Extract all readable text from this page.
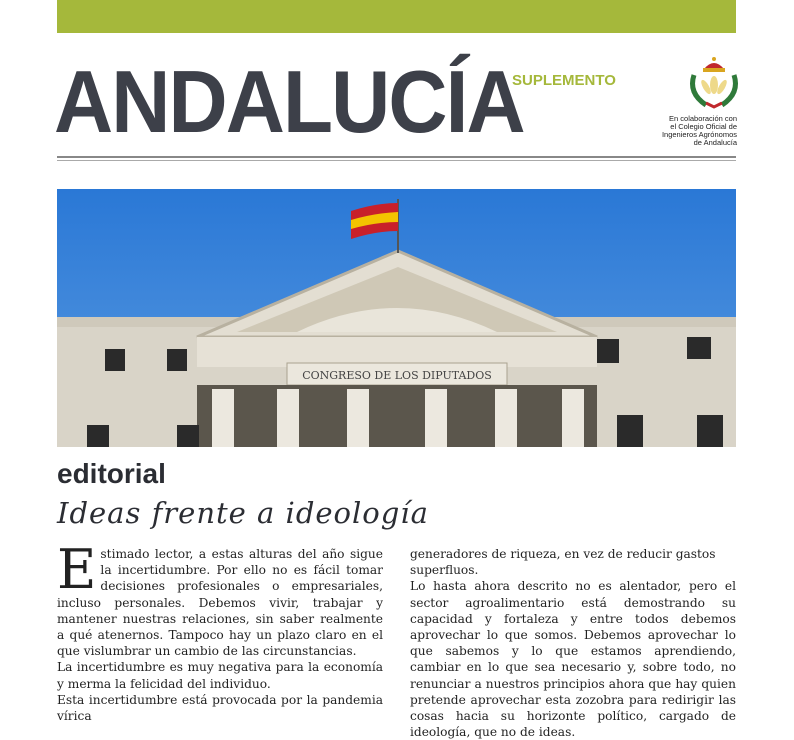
ANDALUCÍA
SUPLEMENTO
En colaboración con
el Colegio Oficial de
Ingenieros Agrónomos
de Andalucía
CONGRESO DE LOS DIPUTADOS
editorial
Ideas frente a ideología

Estimado lector, a estas alturas del año sigue la incertidumbre. Por ello no es fácil tomar decisiones profesionales o empresariales, incluso personales. Debemos vivir, trabajar y mantener nuestras relaciones, sin saber realmente a qué atenernos. Tampoco hay un plazo claro en el que vislumbrar un cambio de las circunstancias.

La incertidumbre es muy negativa para la economía y merma la felicidad del individuo.

Esta incertidumbre está provocada por la pandemia vírica

generadores de riqueza, en vez de reducir gastos superfluos.

Lo hasta ahora descrito no es alentador, pero el sector agroalimentario está demostrando su capacidad y fortaleza y entre todos debemos aprovechar lo que somos. Debemos aprovechar lo que sabemos y lo que estamos aprendiendo, cambiar en lo que sea necesario y, sobre todo, no renunciar a nuestros principios ahora que hay quien pretende aprovechar esta zozobra para redirigir las cosas hacia su horizonte político, cargado de ideología, que no de ideas.
